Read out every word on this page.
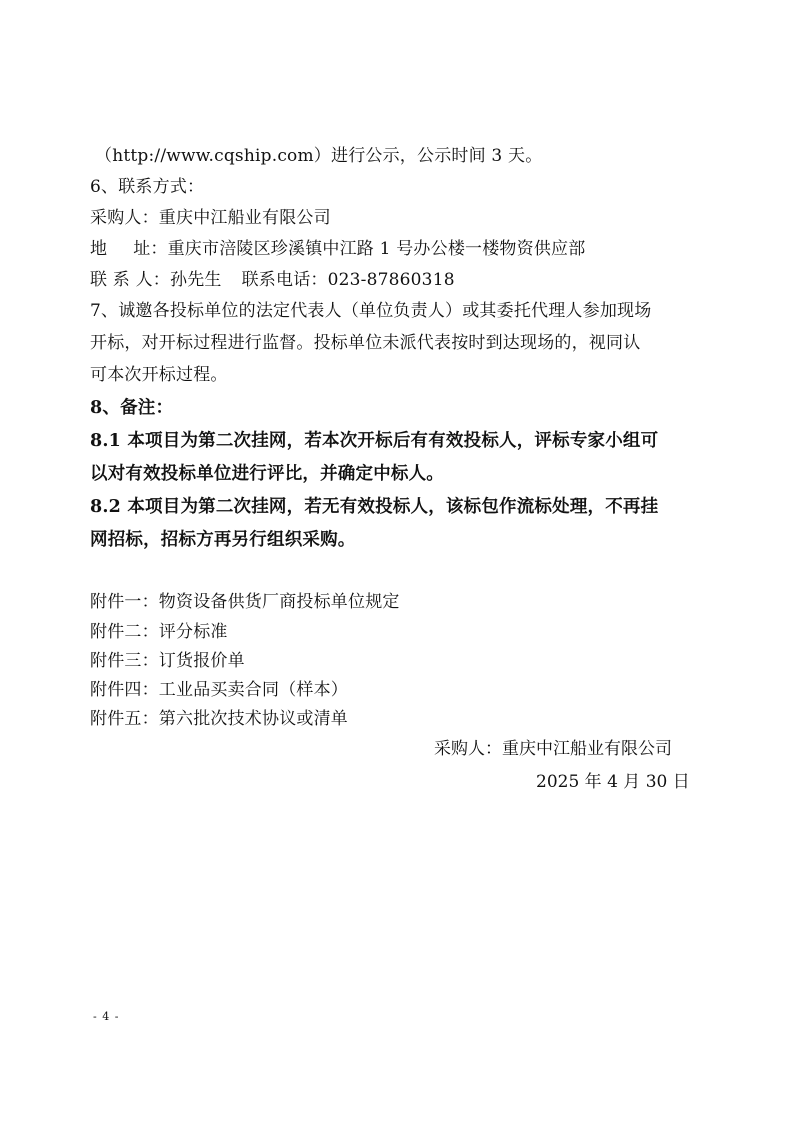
（http://www.cqship.com）进行公示，公示时间 3 天。
6、联系方式：
采购人：重庆中江船业有限公司
地 址：重庆市涪陵区珍溪镇中江路 1 号办公楼一楼物资供应部
联 系 人：孙先生 联系电话：023-87860318
7、诚邀各投标单位的法定代表人（单位负责人）或其委托代理人参加现场
开标，对开标过程进行监督。投标单位未派代表按时到达现场的，视同认
可本次开标过程。
8、备注：
8.1 本项目为第二次挂网，若本次开标后有有效投标人，评标专家小组可
以对有效投标单位进行评比，并确定中标人。
8.2 本项目为第二次挂网，若无有效投标人，该标包作流标处理，不再挂
网招标，招标方再另行组织采购。
附件一：物资设备供货厂商投标单位规定
附件二：评分标准
附件三：订货报价单
附件四：工业品买卖合同（样本）
附件五：第六批次技术协议或清单
采购人：重庆中江船业有限公司
2025 年 4 月 30 日
- 4 -
